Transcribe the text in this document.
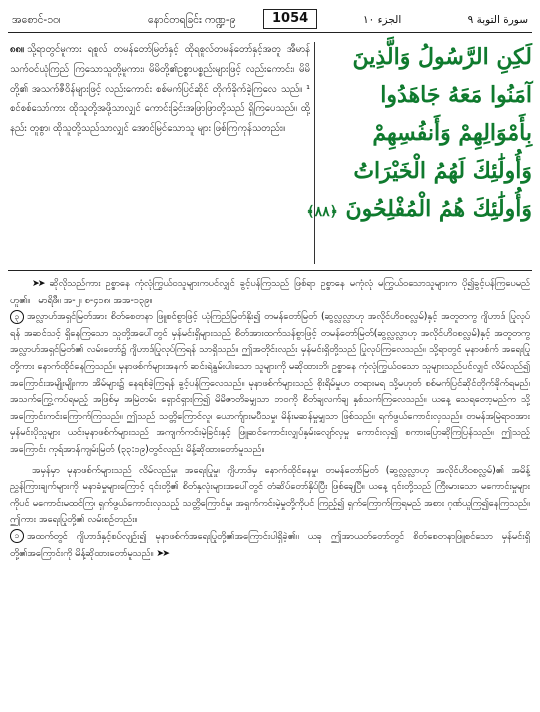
အစောင်-၁၀၊	နောင်တရခြင်း ကဏ္ဍ-၉	1054	الجزء ١٠	سورة التوبة ٩
၈၈။ သို့ရာတွင်မူကား ရစူလ် တမန်တော်မြတ်နှင့် ထိုရစူလ်တမန်တော်နှင့်အတူ အီမာန်သက်ဝင်ယုံကြည် ကြသောသူတို့မူကား၊ မိမိတို့၏ဥစ္စာပစ္စည်းများဖြင့် လည်းကောင်း၊ မိမိတို့၏ အသက်ဇီဝိန်များဖြင့် လည်းကောင်း စစ်မက်ပြင်ဆိုင် တိုက်ခိုက်ခဲ့ကြလေ သည်။ ¹ စင်စစ်သော်ကား ထိုသူတို့အဖို့သာလျှင် ကောင်းခြင်းအဖြာဖြာတို့သည် ရှိကြပေသည်။ ထို့နည်း တူစွာ၊ ထိုသူတို့သည်သာလျှင် အောင်မြင်သောသူ များ ဖြစ်ကြကုန်သတည်း။
لَكِنِ الرَّسُولُ وَالَّذِينَ
آمَنُوا مَعَهُ جَاهَدُوا
بِأَمْوَالِهِمْ وَأَنفُسِهِمْ
وَأُولَٰئِكَ لَهُمُ الْخَيْرَاتُ
وَأُولَٰئِكَ هُمُ الْمُفْلِحُونَ ﴿٨٨﴾

➤➤ ဆိုလိုသည်ကား ဥစ္စာနေ ကုံလုံကြွယ်ဝသူများကပင်လျှင် ခွင့်ပန်ကြသည် ဖြစ်ရာ ဥစ္စာနေ မကုံလုံ မကြွယ်ဝသောသူများက ပို၍ခွင့်ပန်ကြပေမည်ဟူ၏။ မာရိဖီ။ အ-၂၊ စ-၄၁၈၊ အအ-၁၃၉။

၃ အလ္လာဟ်အရှင်မြတ်အား စိတ်စေတနာ ဖြူစင်စွာဖြင့် ယုံကြည်မြတ်နိုး၍ တမန်တော်မြတ် (ဆွလ္လလ္လာဟု အလိုင်ဟိဝစလ္လမ်)နှင့် အတူတကွ ဂျိဟာဒ် ပြုလုပ်ရန် အဆင်သင့် ရှိနေကြသော သူတို့အပေါ်တွင် မှန်မင်းရှိများသည် စိတ်အားထက်သန်စွာဖြင့် တမန်တော်မြတ်(ဆွလ္လလ္လာဟု အလိုင်ဟိဝစလ္လမ်)နှင့် အတူတကွ အလ္လာဟ်အရှင်မြတ်၏ လမ်းတော်၌ ဂျိဟာဒ်ပြုလုပ်ကြရန် သာရှိသည်။ ဤအတိုင်းလည်း မှန်မင်းရှိတို့သည် ပြုလုပ်ကြလေသည်။ သို့ရာတွင် မုနာဖစ်က် အရေးပြုတို့ကား နောက်ထိုင်နေကြသည်။ မုနာဖစ်က်များအနက် ဆင်းရဲနွမ်းပါးသော သူများကို မဆိုထားဘိ၊ ဥစ္စာနေ ကုံလုံကြွယ်ဝသော သူများသည်ပင်လျှင် လိမ်လည်၍ အကြောင်းအမျိုးမျိုးကာ အိမ်များ၌ နေရစ်ခဲ့ကြရန် ခွင့်ပန်ကြလေသည်။ မုနာဖစ်က်များသည် စိုးရိမ်မှုဟ တရားမရ သို့မဟုတ် စစ်မက်ပြင်ဆိုင်တိုက်ခိုက်ရမည်၊ အသက်ကြွေ့ကပ်ရမည့် အဖြစ်မှ အမြဲတမ်း ရှောင်ရှားကြ၍ မိမိဇာတိခမျှသာ ဘဝကို စိတ်ချလက်ချ နှစ်သက်ကြလေသည်။ ယနေ့ သေရတော့မည်က သို့ အကြောင်းကင်းကြောက်ကြသည်။ ဤသည် သတ္တိကြောင်လူ၊ ယောက်ျားမပီသမှု၊ မိန်းမဆန်မှုမျှသာ ဖြစ်သည်။ ရက်ဖွယ်ကောင်းလှသည်။ တမန်အမြဲရာဝအား မှန်မင်းပိုသူများ ယင်းမုနာဖစ်က်များသည် အကျက်ကင်းမဲ့ခြင်းနှင့် ဖြူဆင်ကောင်းလျှပ်နှမ်းလျော်လှမှု ကောင်းလှ၍ စကားပြောဆိုကြပြန်သည်။ ဤသည့်အကြောင်း ကုရ်အာန်ကျမ်းမြတ် (၃၃:၁၉)တွင်လည်း မိန့်ဆိုထားတော်မူသည်။

အမှန်မှာ မုနာဖစ်က်များသည် လိမ်လည်မှု၊ အရေးပြုမှု၊ ဂျိဟာဒ်မှ နောက်ထိုင်နေမှု၊ တမန်တော်မြတ် (ဆွလ္လလ္လာဟု အလိုင်ဟိဝစလ္လမ်)၏ အမိန့်ညွှန်ကြားချက်များကို မနာခံမှုများကြောင့် ၎င်းတို့၏ စိတ်နှလုံးများအပေါ်တွင် တံဆိပ်တော်နှိပ်ပြီး ဖြစ်ချေပြီ။ ယနေ့ ၎င်းတို့သည် ကြီးမားသော မကောင်းမှုများကိုပင် မကောင်းမထင်ကြ၊ ရှက်ဖွယ်ကောင်းလှသည့် သတ္တိကြောင်မှု၊ အရှက်ကင်းမဲ့မှုတို့ကိုပင် ကြည့်၍ ရှက်ကြောက်ကြရမည် အစား ဂုဏ်ယူကြ၍နေကြသည်။ ဤကား အရေးပြုတို့၏ လမ်းစဉ်တည်း။

၁ အထက်တွင် ဂျိဟာဒ်နှင့်စပ်လျဉ်း၍ မုနာဖစ်က်အရေးပြုတို့၏အကြောင်းပါရှိခဲ့၏။ ယခု ဤအာယတ်တော်တွင် စိတ်စေတနာဖြူစင်သော မှန်မင်းရှိတို့၏အကြောင်းကို မိန့်ဆိုထားတော်မူသည်။ ➤➤
